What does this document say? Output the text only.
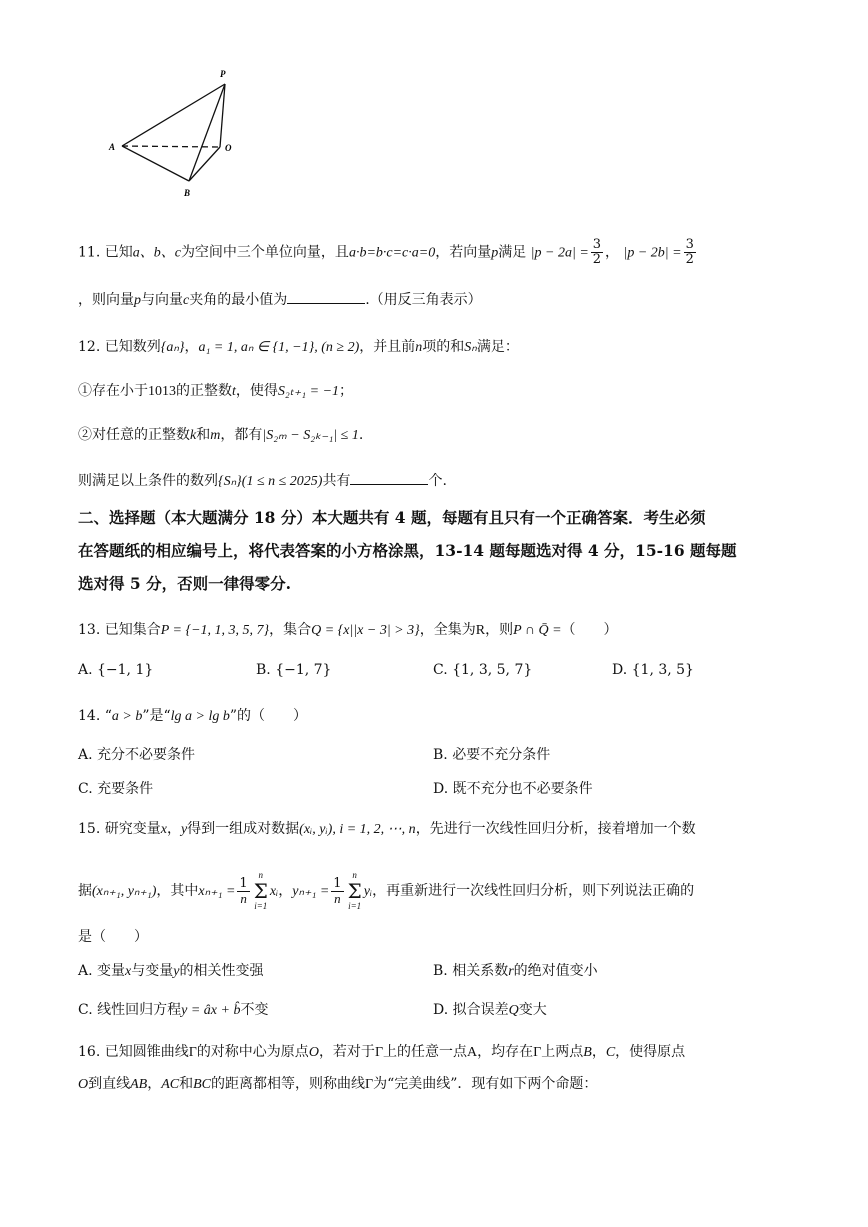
P
A	O
B
11. 已知a、b、c为空间中三个单位向量，且a·b=b·c=c·a=0，若向量p满足 $|p - 2a| = \frac{3}{2}$ ， $|p - 2b| = \frac{3}{2}$
，则向量p与向量c夹角的最小值为	.（用反三角表示）
12. 已知数列{aₙ}，a₁ = 1, aₙ ∈ {1, −1}, (n ≥ 2)，并且前n项的和Sₙ满足：
①存在小于1013的正整数t，使得S₂ₜ₊₁ = −1；
②对任意的正整数k和m，都有|S₂ₘ − S₂ₖ₋₁| ≤ 1.
则满足以上条件的数列{Sₙ}(1 ≤ n ≤ 2025)共有	个.
二、选择题（本大题满分 18 分）本大题共有 4 题，每题有且只有一个正确答案．考生必须
在答题纸的相应编号上，将代表答案的小方格涂黑，13-14 题每题选对得 4 分，15-16 题每题
选对得 5 分，否则一律得零分.
13. 已知集合P = {−1, 1, 3, 5, 7}，集合Q = {x||x − 3| > 3}，全集为R，则P ∩ Q̄ =（　　）
A. {−1, 1}	B. {−1, 7}	C. {1, 3, 5, 7}	D. {1, 3, 5}
14. “a > b”是“lg a > lg b”的（　　）
A. 充分不必要条件	B. 必要不充分条件
C. 充要条件	D. 既不充分也不必要条件
15. 研究变量x，y得到一组成对数据(xᵢ, yᵢ), i = 1, 2, ⋯, n，先进行一次线性回归分析，接着增加一个数
据(xₙ₊₁, yₙ₊₁)，其中$x_{n+1} = \frac{1}{n}$
n
Σ
i=1xᵢ，$y_{n+1} = \frac{1}{n}$
n
Σ
i=1yᵢ，再重新进行一次线性回归分析，则下列说法正确的
是（　　）
A. 变量x与变量y的相关性变强	B. 相关系数r的绝对值变小
C. 线性回归方程y = âx + b̂不变	D. 拟合误差Q变大
16. 已知圆锥曲线Γ的对称中心为原点O，若对于Γ上的任意一点A，均存在Γ上两点B，C，使得原点
O到直线AB，AC和BC的距离都相等，则称曲线Γ为“完美曲线”．现有如下两个命题：
